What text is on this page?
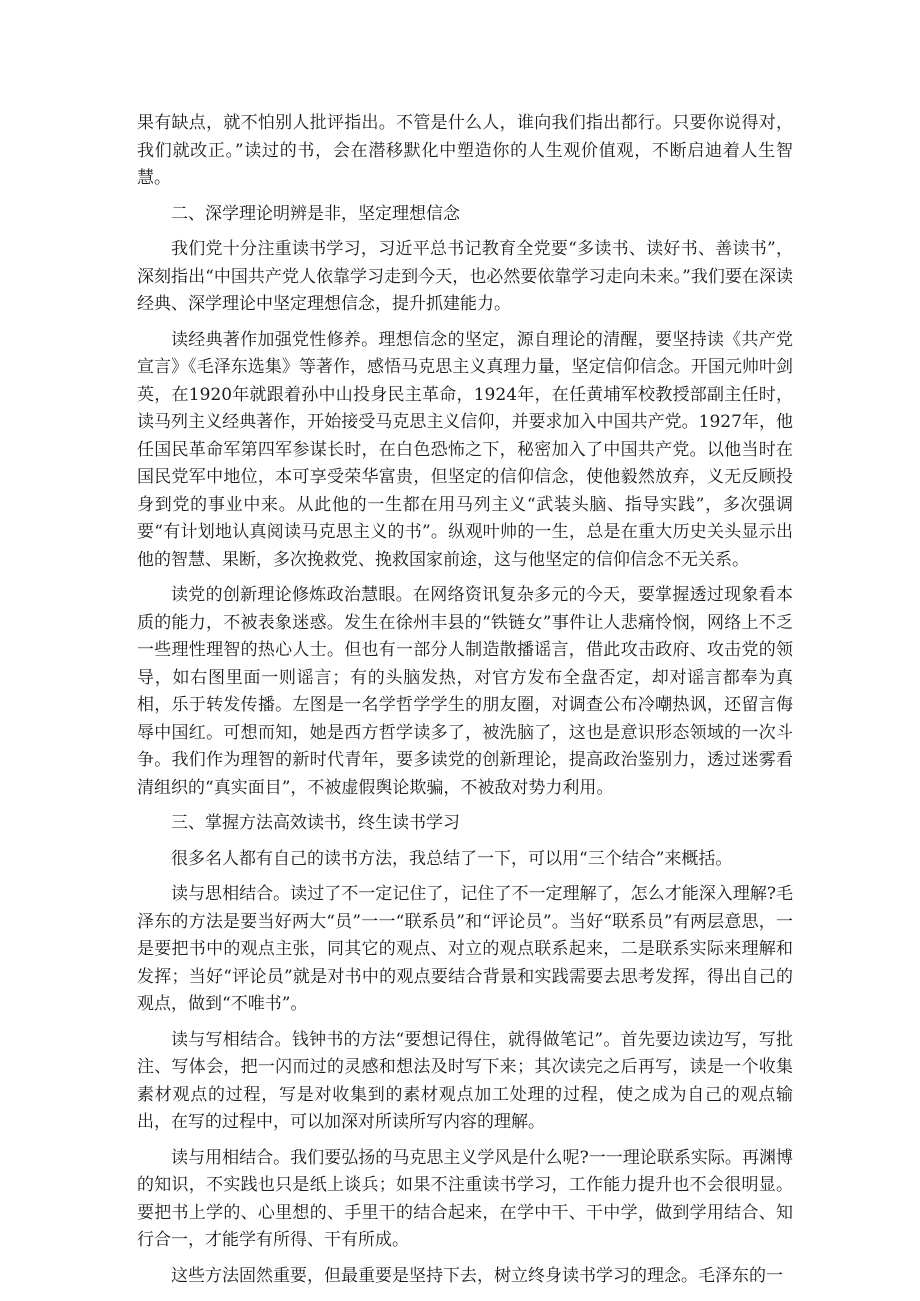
果有缺点，就不怕别人批评指出。不管是什么人，谁向我们指出都行。只要你说得对，我们就改正。”读过的书，会在潜移默化中塑造你的人生观价值观，不断启迪着人生智慧。

二、深学理论明辨是非，坚定理想信念

我们党十分注重读书学习，习近平总书记教育全党要“多读书、读好书、善读书”，深刻指出“中国共产党人依靠学习走到今天，也必然要依靠学习走向未来。”我们要在深读经典、深学理论中坚定理想信念，提升抓建能力。

读经典著作加强党性修养。理想信念的坚定，源自理论的清醒，要坚持读《共产党宣言》《毛泽东选集》等著作，感悟马克思主义真理力量，坚定信仰信念。开国元帅叶剑英，在1920年就跟着孙中山投身民主革命，1924年，在任黄埔军校教授部副主任时，读马列主义经典著作，开始接受马克思主义信仰，并要求加入中国共产党。1927年，他任国民革命军第四军参谋长时，在白色恐怖之下，秘密加入了中国共产党。以他当时在国民党军中地位，本可享受荣华富贵，但坚定的信仰信念，使他毅然放弃，义无反顾投身到党的事业中来。从此他的一生都在用马列主义“武装头脑、指导实践”，多次强调要“有计划地认真阅读马克思主义的书”。纵观叶帅的一生，总是在重大历史关头显示出他的智慧、果断，多次挽救党、挽救国家前途，这与他坚定的信仰信念不无关系。

读党的创新理论修炼政治慧眼。在网络资讯复杂多元的今天，要掌握透过现象看本质的能力，不被表象迷惑。发生在徐州丰县的“铁链女”事件让人悲痛怜悯，网络上不乏一些理性理智的热心人士。但也有一部分人制造散播谣言，借此攻击政府、攻击党的领导，如右图里面一则谣言；有的头脑发热，对官方发布全盘否定，却对谣言都奉为真相，乐于转发传播。左图是一名学哲学学生的朋友圈，对调查公布冷嘲热讽，还留言侮辱中国红。可想而知，她是西方哲学读多了，被洗脑了，这也是意识形态领域的一次斗争。我们作为理智的新时代青年，要多读党的创新理论，提高政治鉴别力，透过迷雾看清组织的“真实面目”，不被虚假舆论欺骗，不被敌对势力利用。

三、掌握方法高效读书，终生读书学习

很多名人都有自己的读书方法，我总结了一下，可以用“三个结合”来概括。

读与思相结合。读过了不一定记住了，记住了不一定理解了，怎么才能深入理解?毛泽东的方法是要当好两大“员”一一“联系员”和“评论员”。当好“联系员”有两层意思，一是要把书中的观点主张，同其它的观点、对立的观点联系起来，二是联系实际来理解和发挥；当好“评论员”就是对书中的观点要结合背景和实践需要去思考发挥，得出自己的观点，做到“不唯书”。

读与写相结合。钱钟书的方法“要想记得住，就得做笔记”。首先要边读边写，写批注、写体会，把一闪而过的灵感和想法及时写下来；其次读完之后再写，读是一个收集素材观点的过程，写是对收集到的素材观点加工处理的过程，使之成为自己的观点输出，在写的过程中，可以加深对所读所写内容的理解。

读与用相结合。我们要弘扬的马克思主义学风是什么呢?一一理论联系实际。再渊博的知识，不实践也只是纸上谈兵；如果不注重读书学习，工作能力提升也不会很明显。要把书上学的、心里想的、手里干的结合起来，在学中干、干中学，做到学用结合、知行合一，才能学有所得、干有所成。

这些方法固然重要，但最重要是坚持下去，树立终身读书学习的理念。毛泽东的一
